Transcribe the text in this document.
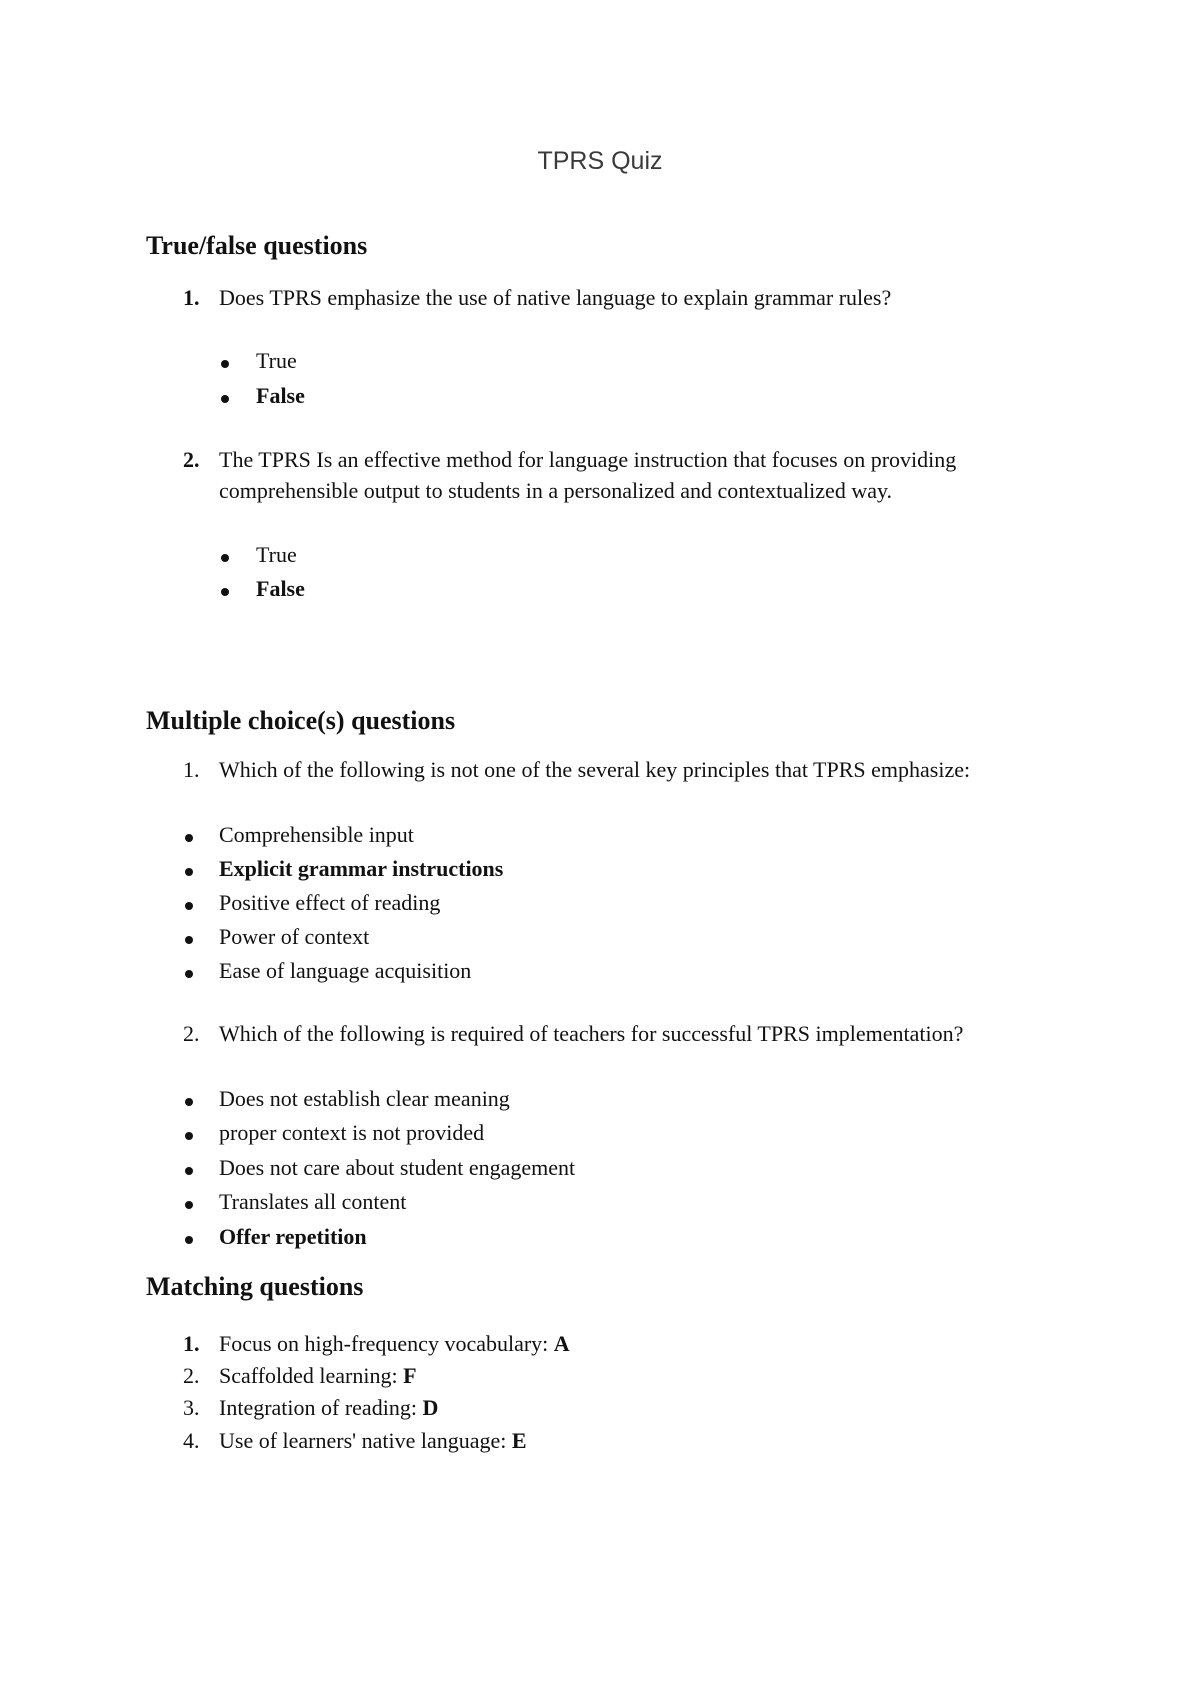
TPRS Quiz
True/false questions
1. Does TPRS emphasize the use of native language to explain grammar rules?
True
False
2. The TPRS Is an effective method for language instruction that focuses on providing
comprehensible output to students in a personalized and contextualized way.
True
False
Multiple choice(s) questions
1. Which of the following is not one of the several key principles that TPRS emphasize:
Comprehensible input
Explicit grammar instructions
Positive effect of reading
Power of context
Ease of language acquisition
2. Which of the following is required of teachers for successful TPRS implementation?
Does not establish clear meaning
proper context is not provided
Does not care about student engagement
Translates all content
Offer repetition
Matching questions
1. Focus on high-frequency vocabulary: A
2. Scaffolded learning: F
3. Integration of reading: D
4. Use of learners' native language: E
